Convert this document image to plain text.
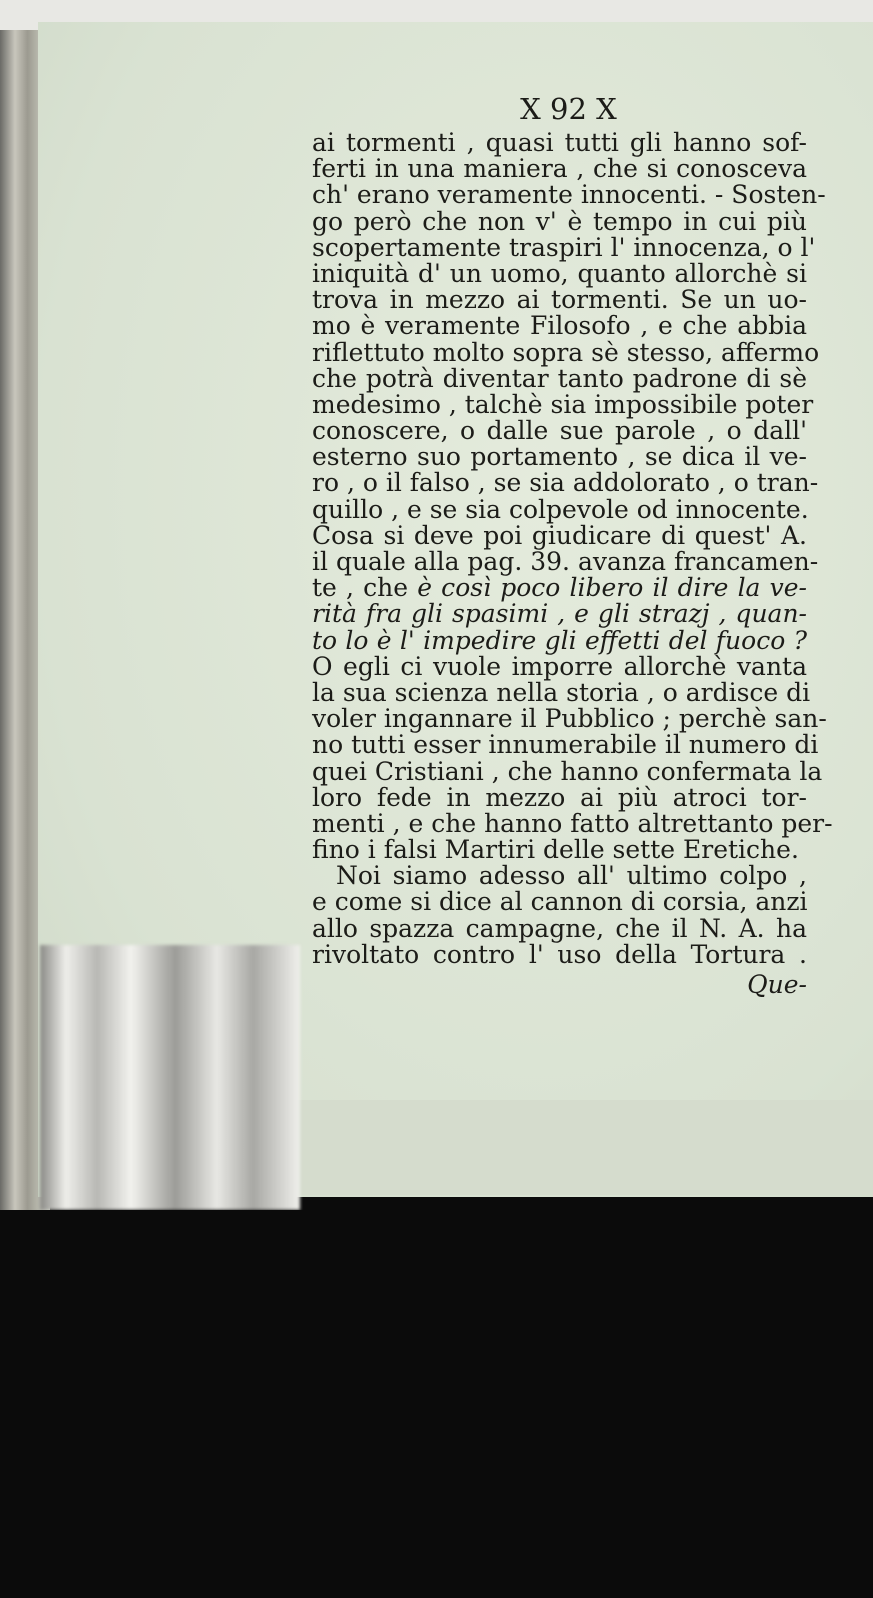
X 92 X
ai tormenti , quasi tutti gli hanno sof-
ferti in una maniera , che si conosceva
ch' erano veramente innocenti. - Sosten-
go però che non v' è tempo in cui più
scopertamente traspiri l' innocenza, o l'
iniquità d' un uomo, quanto allorchè si
trova in mezzo ai tormenti. Se un uo-
mo è veramente Filosofo , e che abbia
riflettuto molto sopra sè stesso, affermo
che potrà diventar tanto padrone di sè
medesimo , talchè sia impossibile poter
conoscere, o dalle sue parole , o dall'
esterno suo portamento , se dica il ve-
ro , o il falso , se sia addolorato , o tran-
quillo , e se sia colpevole od innocente.
Cosa si deve poi giudicare di quest' A.
il quale alla pag. 39. avanza francamen-
te , che è così poco libero il dire la ve-
rità fra gli spasimi , e gli strazj , quan-
to lo è l' impedire gli effetti del fuoco ?
O egli ci vuole imporre allorchè vanta
la sua scienza nella storia , o ardisce di
voler ingannare il Pubblico ; perchè san-
no tutti esser innumerabile il numero di
quei Cristiani , che hanno confermata la
loro fede in mezzo ai più atroci tor-
menti , e che hanno fatto altrettanto per-
fino i falsi Martiri delle sette Eretiche.
Noi siamo adesso all' ultimo colpo ,
e come si dice al cannon di corsia, anzi
allo spazza campagne, che il N. A. ha
rivoltato contro l' uso della Tortura .
Que-
